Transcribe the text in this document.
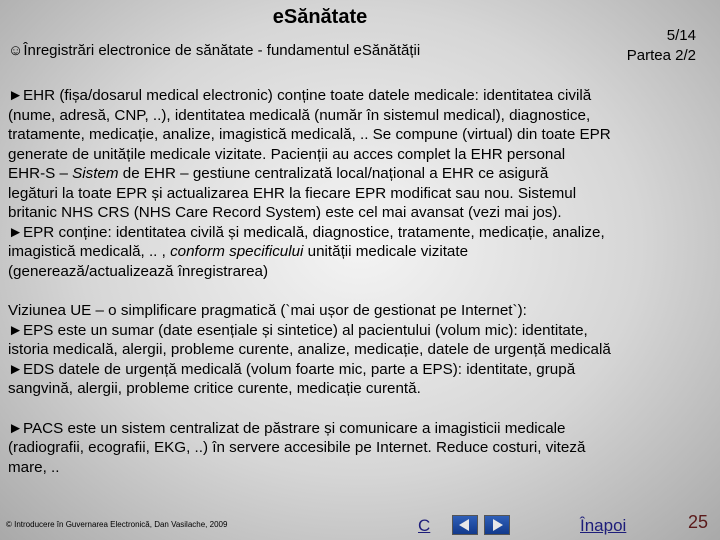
eSănătate
☺Înregistrări electronice de sănătate - fundamentul eSănătății
5/14
Partea 2/2

►EHR (fișa/dosarul medical electronic) conține toate datele medicale: identitatea civilă

(nume, adresă, CNP, ..), identitatea medicală (număr în sistemul medical), diagnostice,

tratamente, medicație, analize, imagistică medicală, .. Se compune (virtual) din toate EPR

generate de unitățile medicale vizitate. Pacienții au acces complet la EHR personal

EHR-S – Sistem de EHR – gestiune centralizată local/național a EHR ce asigură

legături la toate EPR și actualizarea EHR la fiecare EPR modificat sau nou. Sistemul

britanic NHS CRS (NHS Care Record System) este cel mai avansat (vezi mai jos).

►EPR conține: identitatea civilă și medicală, diagnostice, tratamente, medicație, analize,

imagistică medicală, .. , conform specificului unității medicale vizitate

(generează/actualizează înregistrarea)

Viziunea UE – o simplificare pragmatică (`mai ușor de gestionat pe Internet`):

►EPS este un sumar (date esențiale și sintetice) al pacientului (volum mic): identitate,

istoria medicală, alergii, probleme curente, analize, medicație, datele de urgență medicală

►EDS datele de urgență medicală (volum foarte mic, parte a EPS): identitate, grupă

sangvină, alergii, probleme critice curente, medicație curentă.

►PACS este un sistem centralizat de păstrare și comunicare a imagisticii medicale

(radiografii, ecografii, EKG, ..) în servere accesibile pe Internet. Reduce costuri, viteză

mare, ..

© Introducere în Guvernarea Electronică, Dan Vasilache, 2009	C	Înapoi	25
